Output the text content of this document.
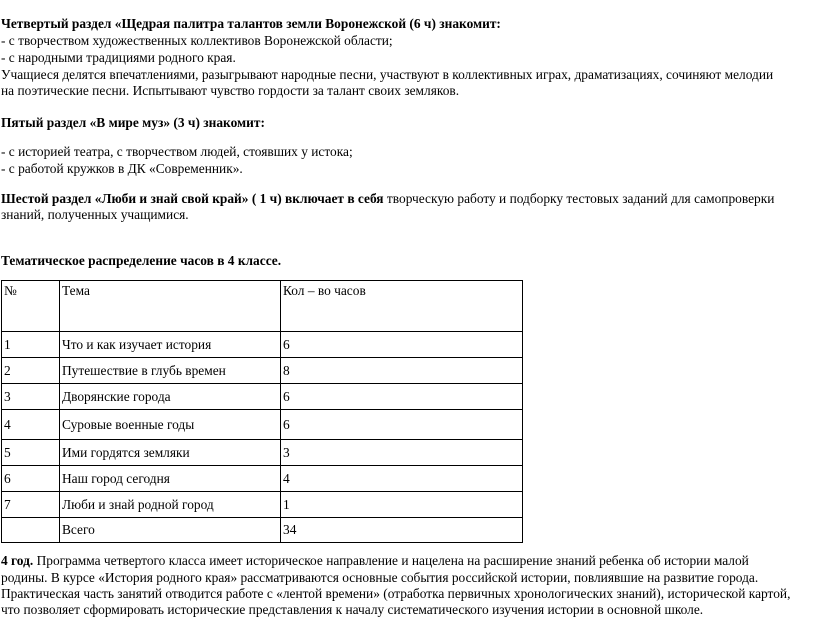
Четвертый раздел «Щедрая палитра талантов земли Воронежской (6 ч) знакомит:
- с творчеством художественных коллективов Воронежской области;
- с народными традициями родного края.
Учащиеся делятся впечатлениями, разыгрывают народные песни, участвуют в коллективных играх, драматизациях, сочиняют мелодии
на поэтические песни. Испытывают чувство гордости за талант своих земляков.
Пятый раздел «В мире муз» (3 ч) знакомит:
- с историей театра, с творчеством людей, стоявших у истока;
- с работой кружков в ДК «Современник».
Шестой раздел «Люби и знай свой край» ( 1 ч) включает в себя творческую работу и подборку тестовых заданий для самопроверки
знаний, полученных учащимися.
Тематическое распределение часов в 4 классе.
№	Тема	Кол – во часов
1	Что и как изучает история	6
2	Путешествие в глубь времен	8
3	Дворянские города	6
4	Суровые военные годы	6
5	Ими гордятся земляки	3
6	Наш город сегодня	4
7	Люби и знай родной город	1
	Всего	34
4 год. Программа четвертого класса имеет историческое направление и нацелена на расширение знаний ребенка об истории малой
родины. В курсе «История родного края» рассматриваются основные события российской истории, повлиявшие на развитие города.
Практическая часть занятий отводится работе с «лентой времени» (отработка первичных хронологических знаний), исторической картой,
что позволяет сформировать исторические представления к началу систематического изучения истории в основной школе.
